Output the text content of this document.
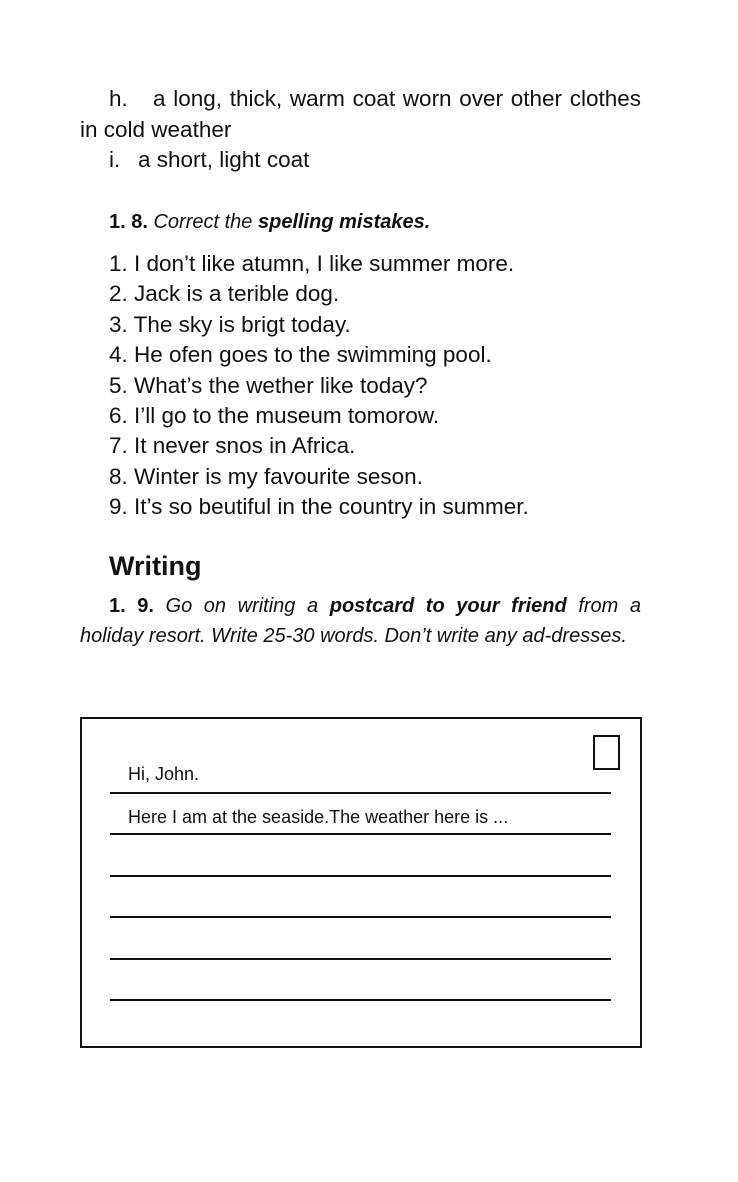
h. a long, thick, warm coat worn over other clothes in cold weather

i. a short, light coat

1. 8. Correct the spelling mistakes.

1. I don’t like atumn, I like summer more.
2. Jack is a terible dog.
3. The sky is brigt today.
4. He ofen goes to the swimming pool.
5. What’s the wether like today?
6. I’ll go to the museum tomorow.
7. It never snos in Africa.
8. Winter is my favourite seson.
9. It’s so beutiful in the country in summer.
Writing

1. 9. Go on writing a postcard to your friend from a holiday resort. Write 25-30 words. Don’t write any ad-dresses.

Hi, John.
Here I am at the seaside.The weather here is ...
